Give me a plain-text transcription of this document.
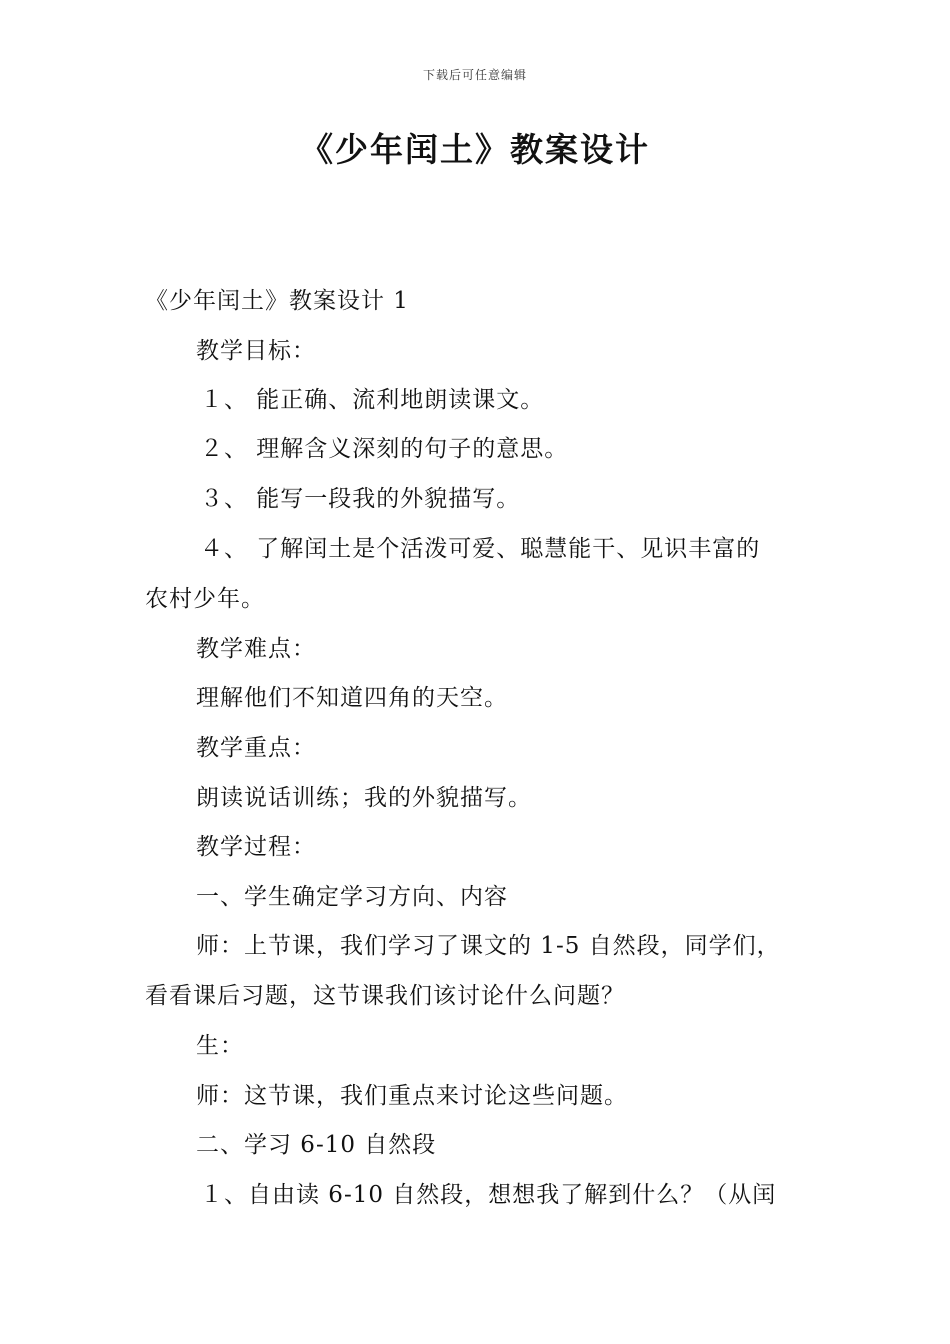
下载后可任意编辑
《少年闰土》教案设计
《少年闰土》教案设计 1
教学目标：
１、 能正确、流利地朗读课文。
２、 理解含义深刻的句子的意思。
３、 能写一段我的外貌描写。
４、 了解闰土是个活泼可爱、聪慧能干、见识丰富的
农村少年。
教学难点：
理解他们不知道四角的天空。
教学重点：
朗读说话训练；我的外貌描写。
教学过程：
一、学生确定学习方向、内容
师：上节课，我们学习了课文的 1-5 自然段，同学们，
看看课后习题，这节课我们该讨论什么问题？
生：
师：这节课，我们重点来讨论这些问题。
二、学习 6-10 自然段
１、自由读 6-10 自然段，想想我了解到什么？（从闰
